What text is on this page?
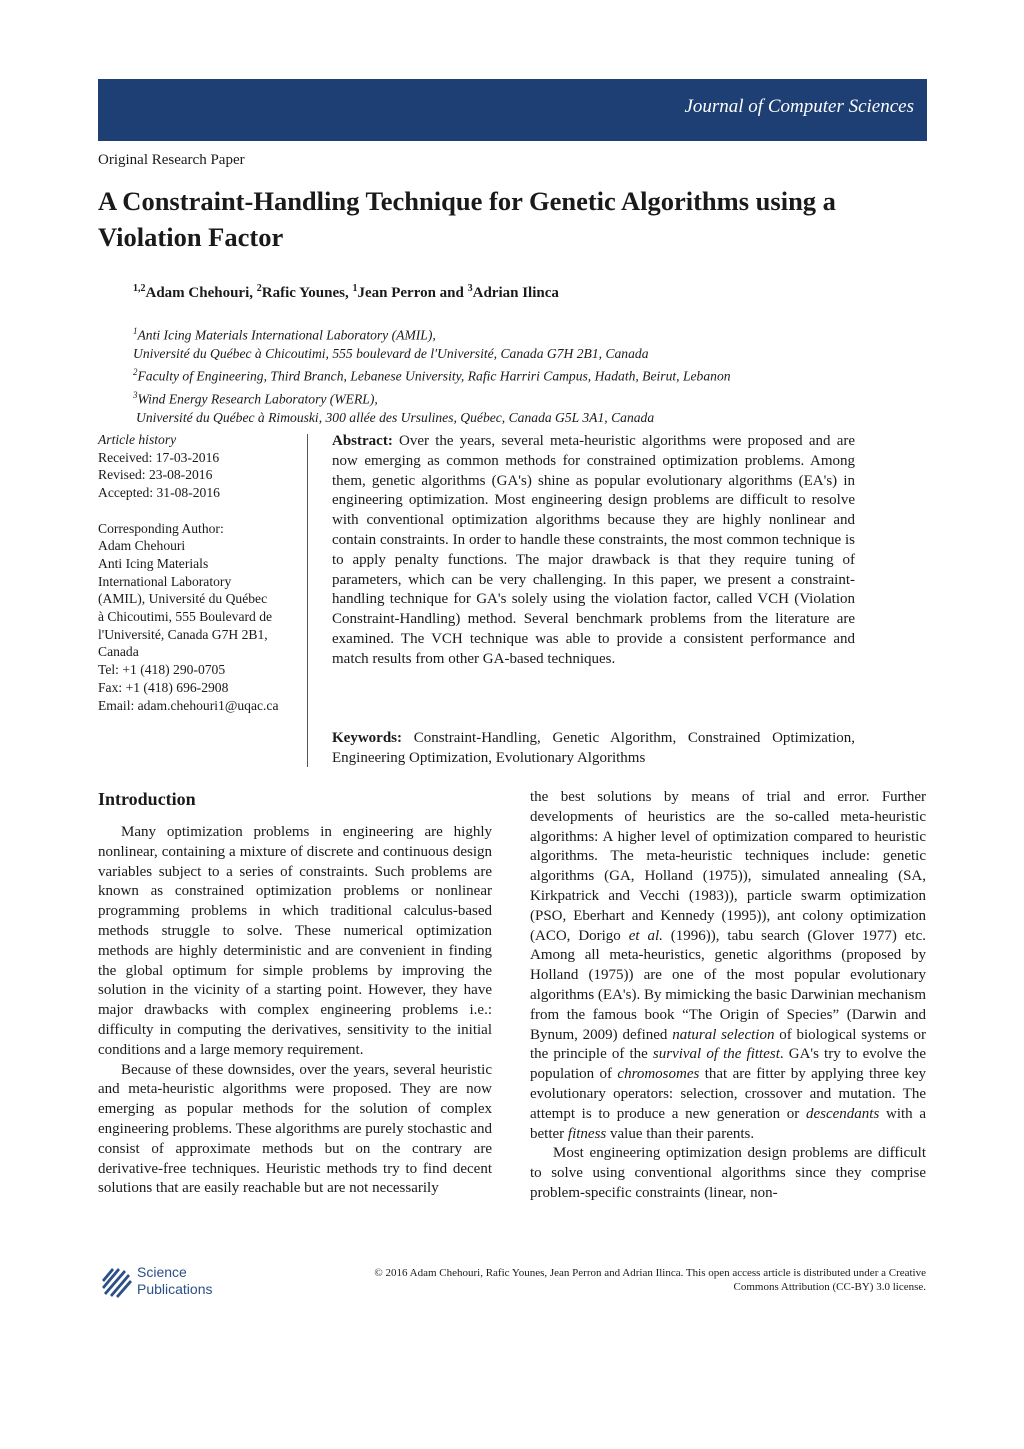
Journal of Computer Sciences
Original Research Paper
A Constraint-Handling Technique for Genetic Algorithms using a Violation Factor
$^{1,2}$Adam Chehouri, $^2$Rafic Younes, $^1$Jean Perron and $^3$Adrian Ilinca
$^1$Anti Icing Materials International Laboratory (AMIL),
Université du Québec à Chicoutimi, 555 boulevard de l'Université, Canada G7H 2B1, Canada
$^2$Faculty of Engineering, Third Branch, Lebanese University, Rafic Harriri Campus, Hadath, Beirut, Lebanon
$^3$Wind Energy Research Laboratory (WERL),
Université du Québec à Rimouski, 300 allée des Ursulines, Québec, Canada G5L 3A1, Canada
Article history
Received: 17-03-2016
Revised: 23-08-2016
Accepted: 31-08-2016
Corresponding Author:
Adam Chehouri
Anti Icing Materials
International Laboratory
(AMIL), Université du Québec
à Chicoutimi, 555 Boulevard de
l'Université, Canada G7H 2B1,
Canada
Tel: +1 (418) 290-0705
Fax: +1 (418) 696-2908
Email: adam.chehouri1@uqac.ca
Abstract: Over the years, several meta-heuristic algorithms were proposed and are now emerging as common methods for constrained optimization problems. Among them, genetic algorithms (GA's) shine as popular evolutionary algorithms (EA's) in engineering optimization. Most engineering design problems are difficult to resolve with conventional optimization algorithms because they are highly nonlinear and contain constraints. In order to handle these constraints, the most common technique is to apply penalty functions. The major drawback is that they require tuning of parameters, which can be very challenging. In this paper, we present a constraint-handling technique for GA's solely using the violation factor, called VCH (Violation Constraint-Handling) method. Several benchmark problems from the literature are examined. The VCH technique was able to provide a consistent performance and match results from other GA-based techniques.
Keywords: Constraint-Handling, Genetic Algorithm, Constrained Optimization, Engineering Optimization, Evolutionary Algorithms
Introduction

Many optimization problems in engineering are highly nonlinear, containing a mixture of discrete and continuous design variables subject to a series of constraints. Such problems are known as constrained optimization problems or nonlinear programming problems in which traditional calculus-based methods struggle to solve. These numerical optimization methods are highly deterministic and are convenient in finding the global optimum for simple problems by improving the solution in the vicinity of a starting point. However, they have major drawbacks with complex engineering problems i.e.: difficulty in computing the derivatives, sensitivity to the initial conditions and a large memory requirement.

Because of these downsides, over the years, several heuristic and meta-heuristic algorithms were proposed. They are now emerging as popular methods for the solution of complex engineering problems. These algorithms are purely stochastic and consist of approximate methods but on the contrary are derivative-free techniques. Heuristic methods try to find decent solutions that are easily reachable but are not necessarily

the best solutions by means of trial and error. Further developments of heuristics are the so-called meta-heuristic algorithms: A higher level of optimization compared to heuristic algorithms. The meta-heuristic techniques include: genetic algorithms (GA, Holland (1975)), simulated annealing (SA, Kirkpatrick and Vecchi (1983)), particle swarm optimization (PSO, Eberhart and Kennedy (1995)), ant colony optimization (ACO, Dorigo et al. (1996)), tabu search (Glover 1977) etc. Among all meta-heuristics, genetic algorithms (proposed by Holland (1975)) are one of the most popular evolutionary algorithms (EA's). By mimicking the basic Darwinian mechanism from the famous book “The Origin of Species” (Darwin and Bynum, 2009) defined natural selection of biological systems or the principle of the survival of the fittest. GA's try to evolve the population of chromosomes that are fitter by applying three key evolutionary operators: selection, crossover and mutation. The attempt is to produce a new generation or descendants with a better fitness value than their parents.

Most engineering optimization design problems are difficult to solve using conventional algorithms since they comprise problem-specific constraints (linear, non-

Science
Publications
© 2016 Adam Chehouri, Rafic Younes, Jean Perron and Adrian Ilinca. This open access article is distributed under a Creative
Commons Attribution (CC-BY) 3.0 license.
